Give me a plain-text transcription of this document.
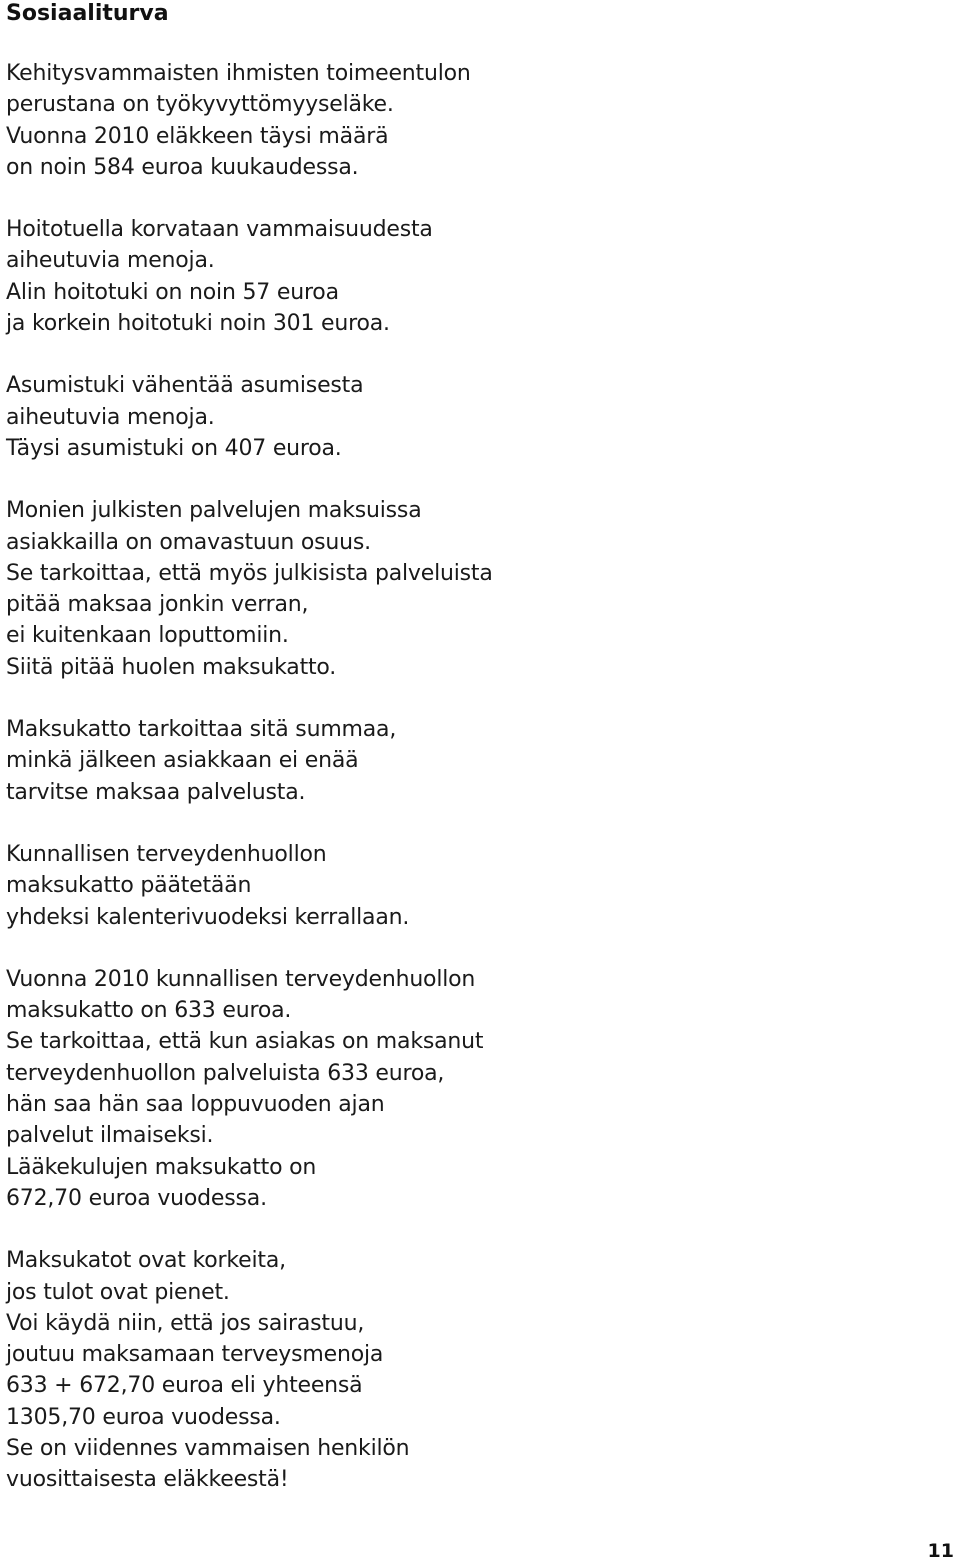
Sosiaaliturva

Kehitysvammaisten ihmisten toimeentulon
perustana on työkyvyttömyyseläke.
Vuonna 2010 eläkkeen täysi määrä
on noin 584 euroa kuukaudessa.

Hoitotuella korvataan vammaisuudesta
aiheutuvia menoja.
Alin hoitotuki on noin 57 euroa
ja korkein hoitotuki noin 301 euroa.

Asumistuki vähentää asumisesta
aiheutuvia menoja.
Täysi asumistuki on 407 euroa.

Monien julkisten palvelujen maksuissa
asiakkailla on omavastuun osuus.
Se tarkoittaa, että myös julkisista palveluista
pitää maksaa jonkin verran,
ei kuitenkaan loputtomiin.
Siitä pitää huolen maksukatto.

Maksukatto tarkoittaa sitä summaa,
minkä jälkeen asiakkaan ei enää
tarvitse maksaa palvelusta.

Kunnallisen terveydenhuollon
maksukatto päätetään
yhdeksi kalenterivuodeksi kerrallaan.

Vuonna 2010 kunnallisen terveydenhuollon
maksukatto on 633 euroa.
Se tarkoittaa, että kun asiakas on maksanut
terveydenhuollon palveluista 633 euroa,
hän saa hän saa loppuvuoden ajan
palvelut ilmaiseksi.
Lääkekulujen maksukatto on
672,70 euroa vuodessa.

Maksukatot ovat korkeita,
jos tulot ovat pienet.
Voi käydä niin, että jos sairastuu,
joutuu maksamaan terveysmenoja
633 + 672,70 euroa eli yhteensä
1305,70 euroa vuodessa.
Se on viidennes vammaisen henkilön
vuosittaisesta eläkkeestä!

11
